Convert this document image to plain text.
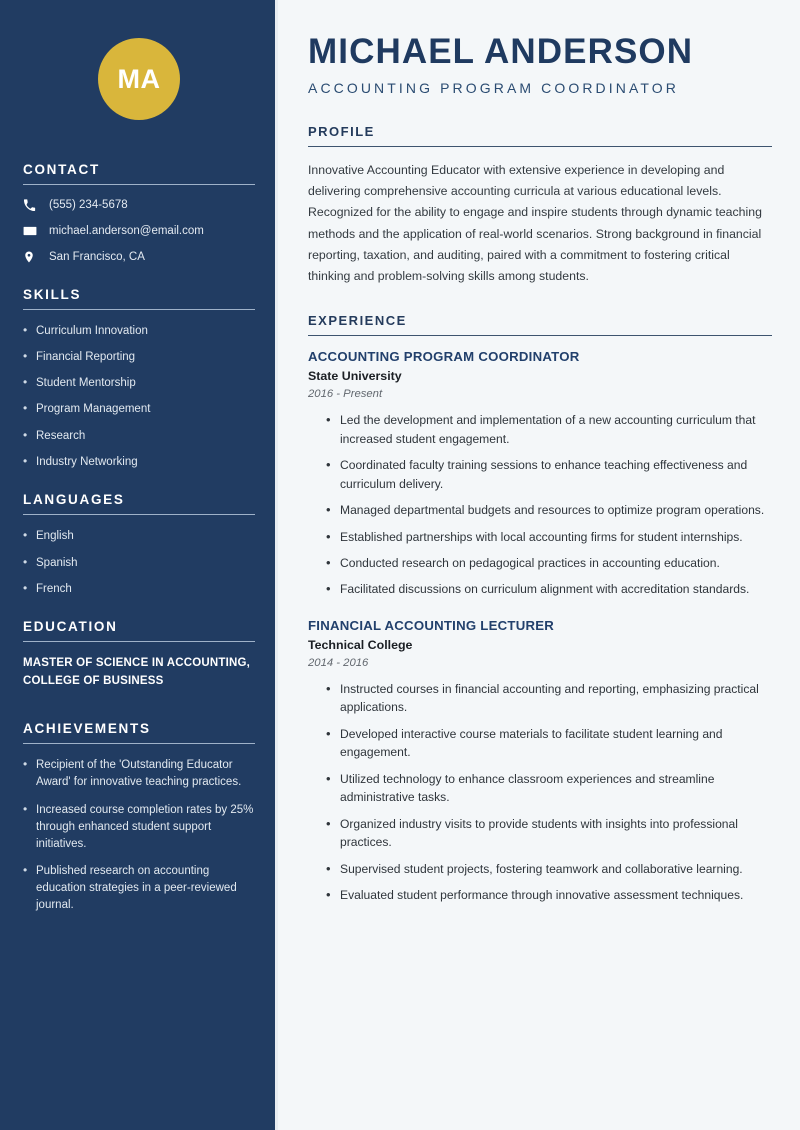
MA
CONTACT
(555) 234-5678
michael.anderson@email.com
San Francisco, CA
SKILLS
• Curriculum Innovation
• Financial Reporting
• Student Mentorship
• Program Management
• Research
• Industry Networking
LANGUAGES
• English
• Spanish
• French
EDUCATION
MASTER OF SCIENCE IN ACCOUNTING, COLLEGE OF BUSINESS
ACHIEVEMENTS
• Recipient of the 'Outstanding Educator Award' for innovative teaching practices.
• Increased course completion rates by 25% through enhanced student support initiatives.
• Published research on accounting education strategies in a peer-reviewed journal.
MICHAEL ANDERSON
ACCOUNTING PROGRAM COORDINATOR
PROFILE

Innovative Accounting Educator with extensive experience in developing and delivering comprehensive accounting curricula at various educational levels. Recognized for the ability to engage and inspire students through dynamic teaching methods and the application of real-world scenarios. Strong background in financial reporting, taxation, and auditing, paired with a commitment to fostering critical thinking and problem-solving skills among students.

EXPERIENCE
ACCOUNTING PROGRAM COORDINATOR
State University
2016 - Present
• Led the development and implementation of a new accounting curriculum that increased student engagement.
• Coordinated faculty training sessions to enhance teaching effectiveness and curriculum delivery.
• Managed departmental budgets and resources to optimize program operations.
• Established partnerships with local accounting firms for student internships.
• Conducted research on pedagogical practices in accounting education.
• Facilitated discussions on curriculum alignment with accreditation standards.
FINANCIAL ACCOUNTING LECTURER
Technical College
2014 - 2016
• Instructed courses in financial accounting and reporting, emphasizing practical applications.
• Developed interactive course materials to facilitate student learning and engagement.
• Utilized technology to enhance classroom experiences and streamline administrative tasks.
• Organized industry visits to provide students with insights into professional practices.
• Supervised student projects, fostering teamwork and collaborative learning.
• Evaluated student performance through innovative assessment techniques.
